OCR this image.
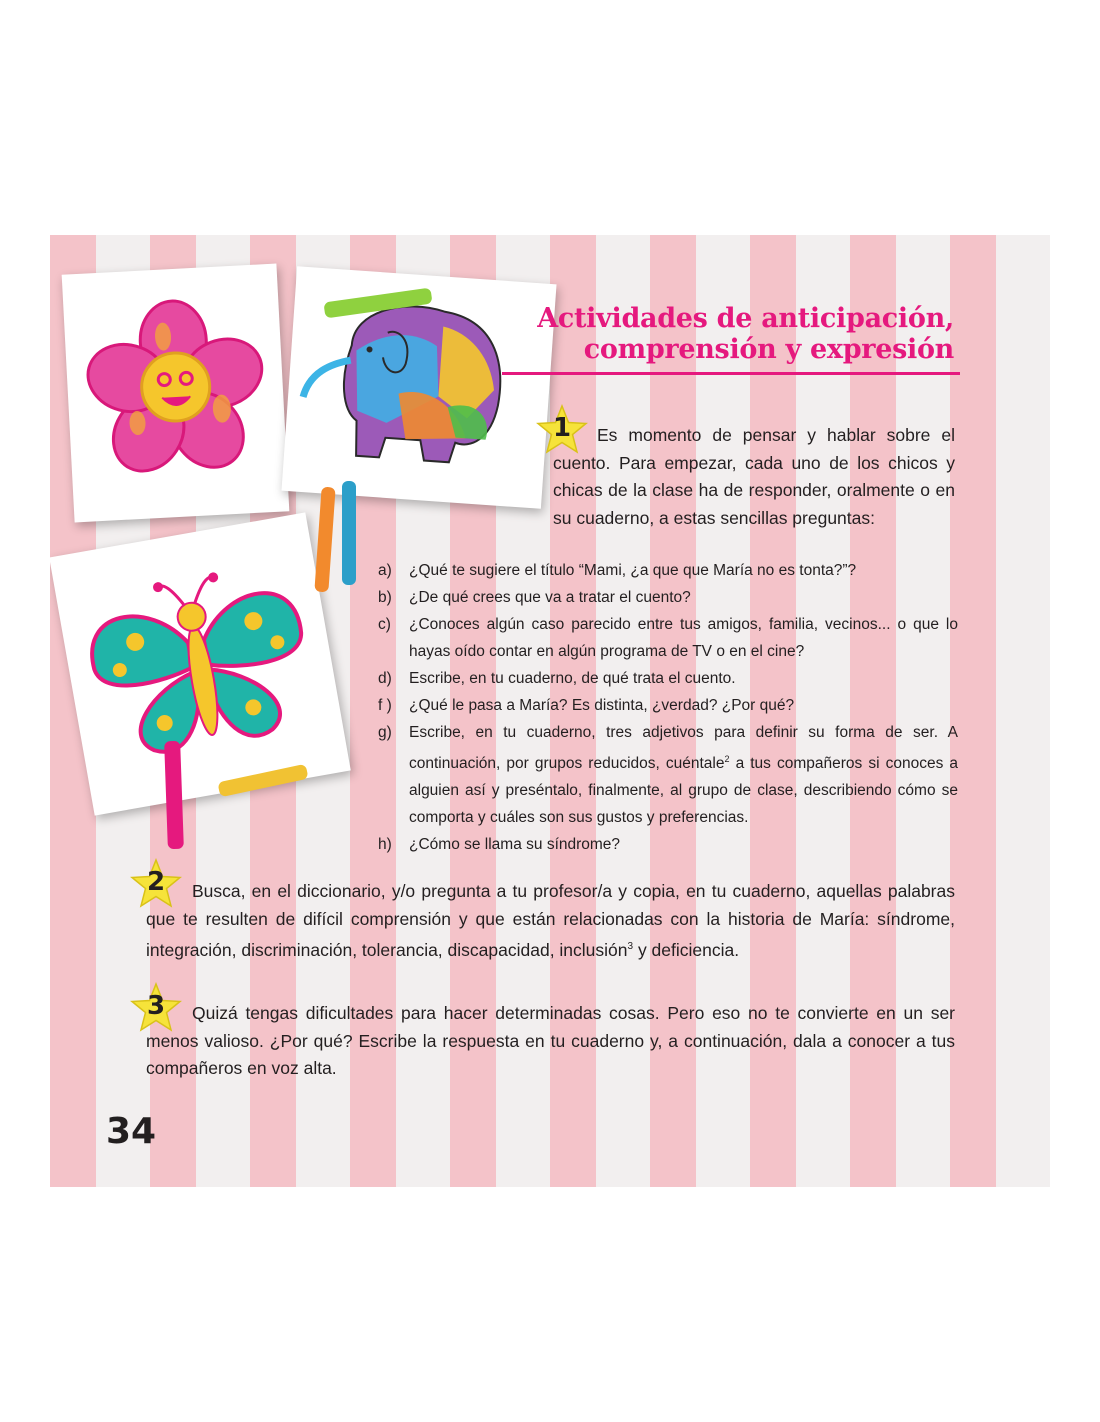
Actividades de anticipación,
comprensión y expresión
1	Es momento de pensar y hablar sobre el cuento. Para empezar, cada uno de los chicos y chicas de la clase ha de responder, oralmente o en su cuaderno, a estas sencillas preguntas:
a)	¿Qué te sugiere el título “Mami, ¿a que que María no es tonta?”?
b)	¿De qué crees que va a tratar el cuento?
c)	¿Conoces algún caso parecido entre tus amigos, familia, vecinos... o que lo hayas oído contar en algún programa de TV o en el cine?
d)	Escribe, en tu cuaderno, de qué trata el cuento.
f )	¿Qué le pasa a María? Es distinta, ¿verdad? ¿Por qué?
g)	Escribe, en tu cuaderno, tres adjetivos para definir su forma de ser. A continuación, por grupos reducidos, cuéntale$^2$ a tus compañeros si conoces a alguien así y preséntalo, finalmente, al grupo de clase, describiendo cómo se comporta y cuáles son sus gustos y preferencias.
h)	¿Cómo se llama su síndrome?
2	Busca, en el diccionario, y/o pregunta a tu profesor/a y copia, en tu cuaderno, aquellas palabras que te resulten de difícil comprensión y que están relacionadas con la historia de María: síndrome, integración, discriminación, tolerancia, discapacidad, inclusión$^3$ y deficiencia.
3	Quizá tengas dificultades para hacer determinadas cosas. Pero eso no te convierte en un ser menos valioso. ¿Por qué? Escribe la respuesta en tu cuaderno y, a continuación, dala a conocer a tus compañeros en voz alta.
34
